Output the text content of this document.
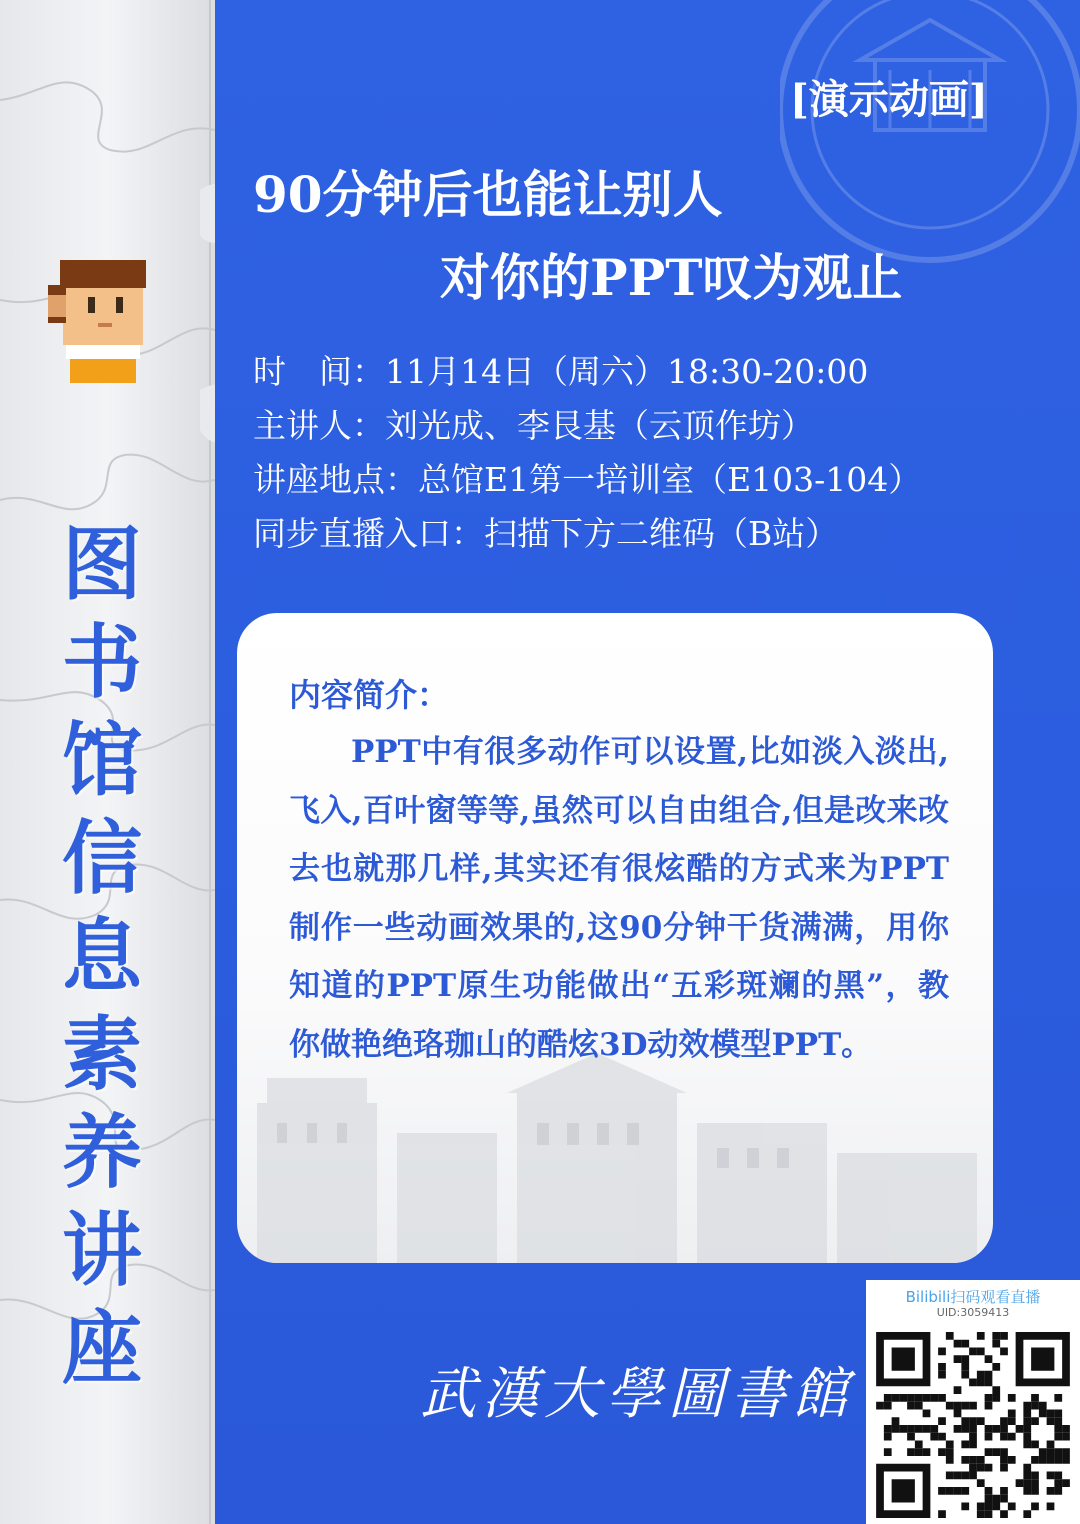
图
书
馆
信
息
素
养
讲
座
[演示动画]
90分钟后也能让别人
对你的PPT叹为观止
时　间：11月14日（周六）18:30-20:00
主讲人：刘光成、李艮基（云顶作坊）
讲座地点：总馆E1第一培训室（E103-104）
同步直播入口：扫描下方二维码（B站）
内容简介：
PPT中有很多动作可以设置,比如淡入淡出,飞入,百叶窗等等,虽然可以自由组合,但是改来改去也就那几样,其实还有很炫酷的方式来为PPT制作一些动画效果的,这90分钟干货满满，用你知道的PPT原生功能做出“五彩斑斓的黑”，教你做艳绝珞珈山的酷炫3D动效模型PPT。
武漢大學圖書館
Bilibili扫码观看直播
UID:3059413
